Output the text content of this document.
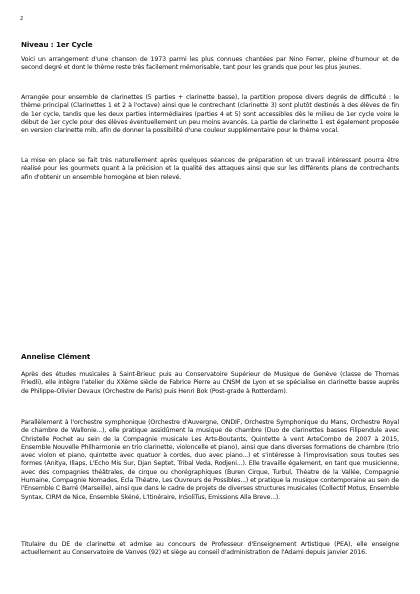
2
Niveau : 1er Cycle

Voici un arrangement d'une chanson de 1973 parmi les plus connues chantées par Nino Ferrer, pleine d'humour et de second degré et dont le thème reste très facilement mémorisable, tant pour les grands que pour les plus jeunes.

Arrangée pour ensemble de clarinettes (5 parties + clarinette basse), la partition propose divers degrés de difficulté : le thème principal (Clarinettes 1 et 2 à l'octave) ainsi que le contrechant (clarinette 3) sont plutôt destinés à des élèves de fin de 1er cycle, tandis que les deux parties intermédiaires (parties 4 et 5) sont accessibles dès le milieu de 1er cycle voire le début de 1er cycle pour des élèves éventuellement un peu moins avancés. La partie de clarinette 1 est également proposée en version clarinette mib, afin de donner la possibilité d'une couleur supplémentaire pour le thème vocal.

La mise en place se fait très naturellement après quelques séances de préparation et un travail intéressant pourra être réalisé pour les gourmets quant à la précision et la qualité des attaques ainsi que sur les différents plans de contrechants afin d'obtenir un ensemble homogène et bien relevé.

Annelise Clément

Après des études musicales à Saint-Brieuc puis au Conservatoire Supérieur de Musique de Genève (classe de Thomas Friedli), elle intègre l'atelier du XXème siècle de Fabrice Pierre au CNSM de Lyon et se spécialise en clarinette basse auprès de Philippe-Olivier Devaux (Orchestre de Paris) puis Henri Bok (Post-grade à Rotterdam).

Parallèlement à l'orchestre symphonique (Orchestre d'Auvergne, ONDIF, Orchestre Symphonique du Mans, Orchestre Royal de chambre de Wallonie...), elle pratique assidûment la musique de chambre (Duo de clarinettes basses Filipendule avec Christelle Pochet au sein de la Compagnie musicale Les Arts-Boutants, Quintette à vent ArteCombo de 2007 à 2015, Ensemble Nouvelle Philharmonie en trio clarinette, violoncelle et piano), ainsi que dans diverses formations de chambre (trio avec violon et piano, quintette avec quatuor à cordes, duo avec piano...) et s'intéresse à l'improvisation sous toutes ses formes (Anitya, Illaps, L'Echo Mis Sur, Djan Septet, Tribal Veda, Rodjeni...). Elle travaille également, en tant que musicienne, avec des compagnies théâtrales, de cirque ou chorégraphiques (Buren Cirque, Turbul, Théatre de la Vallée, Compagnie Humaine, Compagnie Nomades, Ecla Théatre, Les Ouvreurs de Possibles...) et pratique la musique contemporaine au sein de l'Ensemble C Barré (Marseille), ainsi que dans le cadre de projets de diverses structures musicales (Collectif Motus, Ensemble Syntax, CIRM de Nice, Ensemble Skéné, L'Itinéraire, InSoliTus, Emissions Alla Breve...).

Titulaire du DE de clarinette et admise au concours de Professeur d'Enseignement Artistique (PEA), elle enseigne actuellement au Conservatoire de Vanves (92) et siège au conseil d'administration de l'Adami depuis janvier 2016.
